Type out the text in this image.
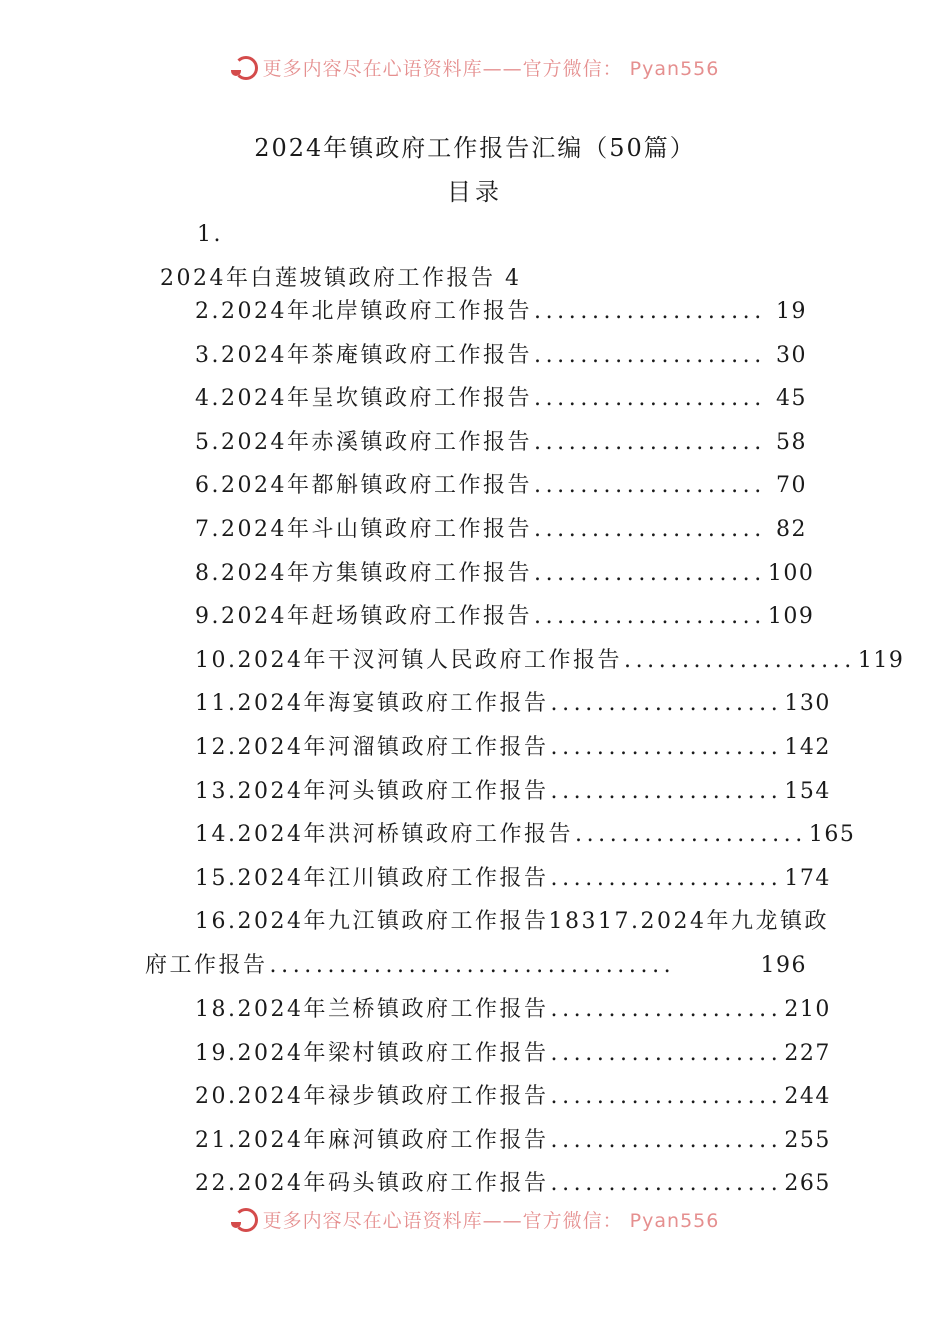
更多内容尽在心语资料库——官方微信： Pyan556
2024年镇政府工作报告汇编（50篇）
目录
1.
2024年白莲坡镇政府工作报告 4
2.2024年北岸镇政府工作报告 .................... 19
3.2024年茶庵镇政府工作报告 .................... 30
4.2024年呈坎镇政府工作报告 .................... 45
5.2024年赤溪镇政府工作报告 .................... 58
6.2024年都斛镇政府工作报告 .................... 70
7.2024年斗山镇政府工作报告 .................... 82
8.2024年方集镇政府工作报告 .................... 100
9.2024年赶场镇政府工作报告 .................... 109
10.2024年干汊河镇人民政府工作报告 .................... 119
11.2024年海宴镇政府工作报告 .................... 130
12.2024年河溜镇政府工作报告 .................... 142
13.2024年河头镇政府工作报告 .................... 154
14.2024年洪河桥镇政府工作报告 .................... 165
15.2024年江川镇政府工作报告 .................... 174
16.2024年九江镇政府工作报告18317.2024年九龙镇政
府工作报告 ...................................	196
18.2024年兰桥镇政府工作报告 .................... 210
19.2024年梁村镇政府工作报告 .................... 227
20.2024年禄步镇政府工作报告 .................... 244
21.2024年麻河镇政府工作报告 .................... 255
22.2024年码头镇政府工作报告 .................... 265
更多内容尽在心语资料库——官方微信： Pyan556
